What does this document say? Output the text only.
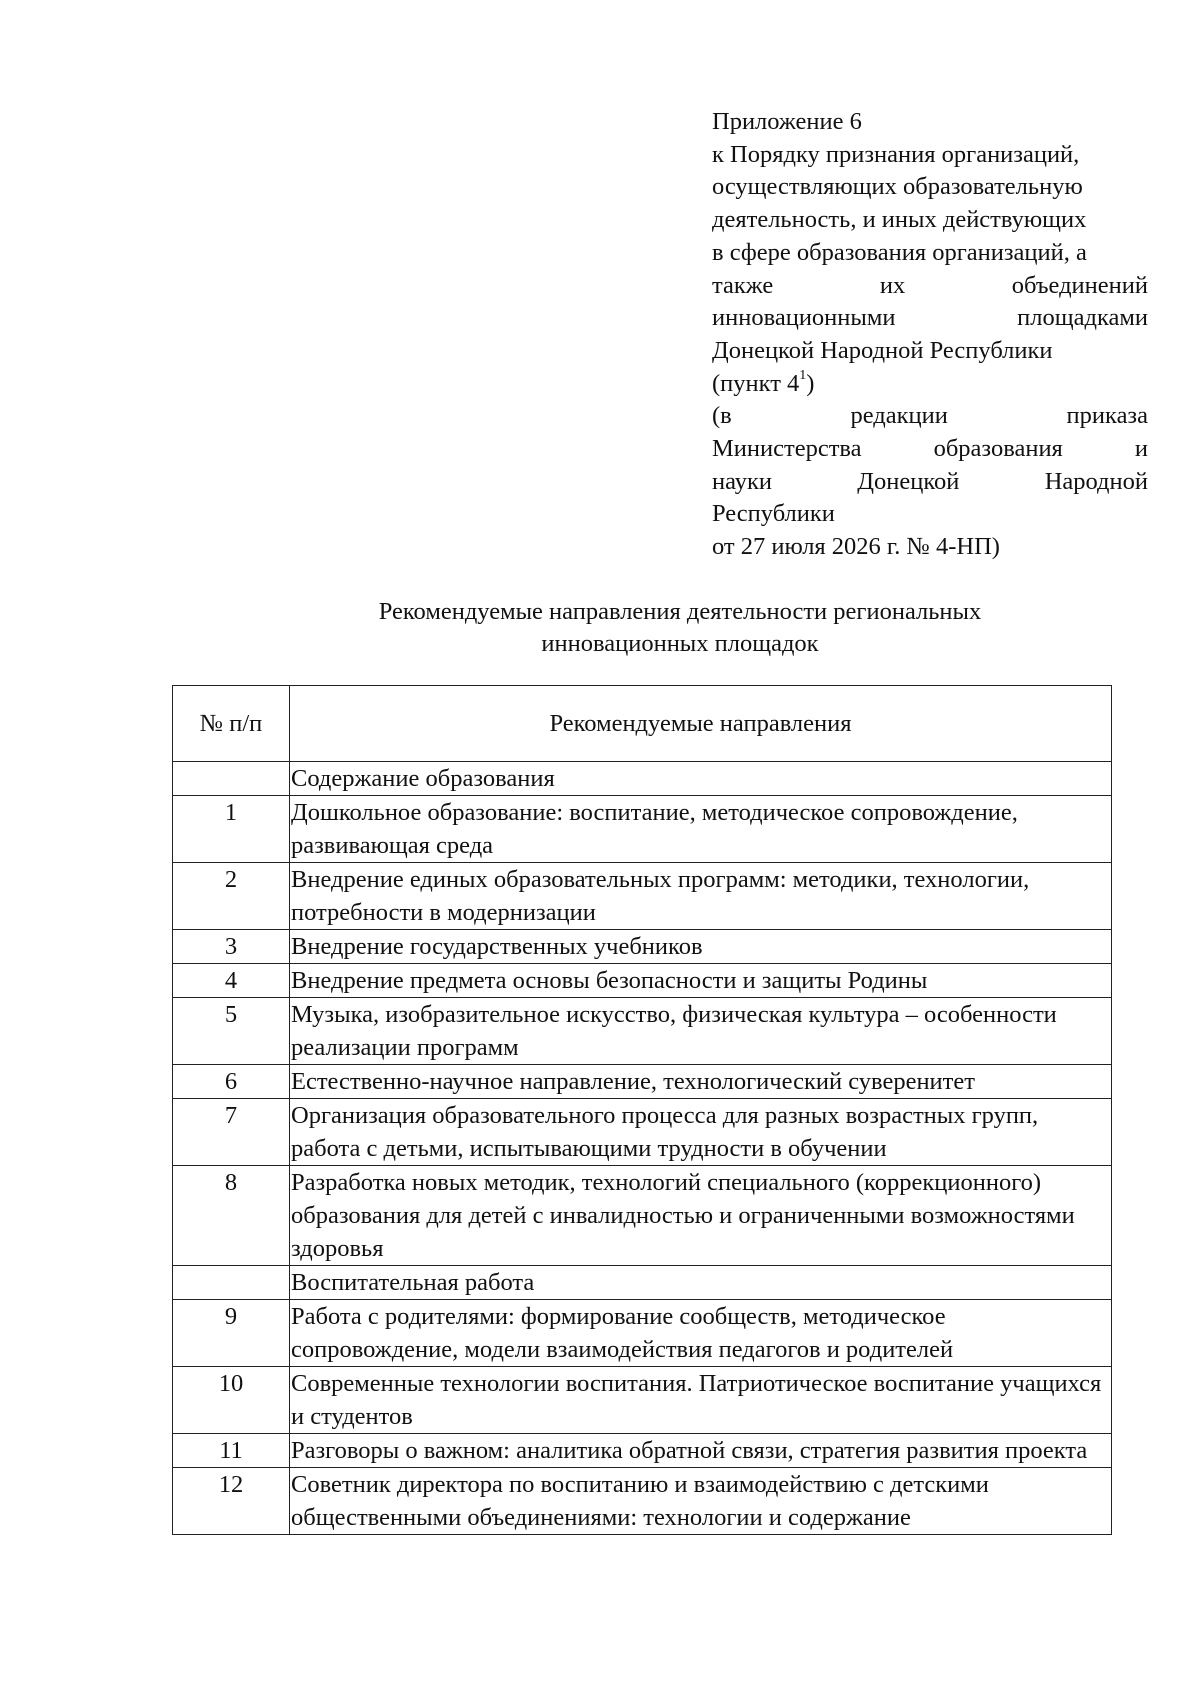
Приложение 6
к Порядку признания организаций,
осуществляющих образовательную
деятельность, и иных действующих
в сфере образования организаций, а
также их объединений
инновационными площадками
Донецкой Народной Республики
(пункт $4^1$)
(в редакции приказа
Министерства образования и
науки Донецкой Народной
Республики
от 27 июля 2026 г. № 4-НП)
Рекомендуемые направления деятельности региональных
инновационных площадок
№ п/п	Рекомендуемые направления
	Содержание образования
1	Дошкольное образование: воспитание, методическое сопровождение, развивающая среда
2	Внедрение единых образовательных программ: методики, технологии, потребности в модернизации
3	Внедрение государственных учебников
4	Внедрение предмета основы безопасности и защиты Родины
5	Музыка, изобразительное искусство, физическая культура – особенности реализации программ
6	Естественно-научное направление, технологический суверенитет
7	Организация образовательного процесса для разных возрастных групп, работа с детьми, испытывающими трудности в обучении
8	Разработка новых методик, технологий специального (коррекционного) образования для детей с инвалидностью и ограниченными возможностями здоровья
	Воспитательная работа
9	Работа с родителями: формирование сообществ, методическое сопровождение, модели взаимодействия педагогов и родителей
10	Современные технологии воспитания. Патриотическое воспитание учащихся и студентов
11	Разговоры о важном: аналитика обратной связи, стратегия развития проекта
12	Советник директора по воспитанию и взаимодействию с детскими общественными объединениями: технологии и содержание
